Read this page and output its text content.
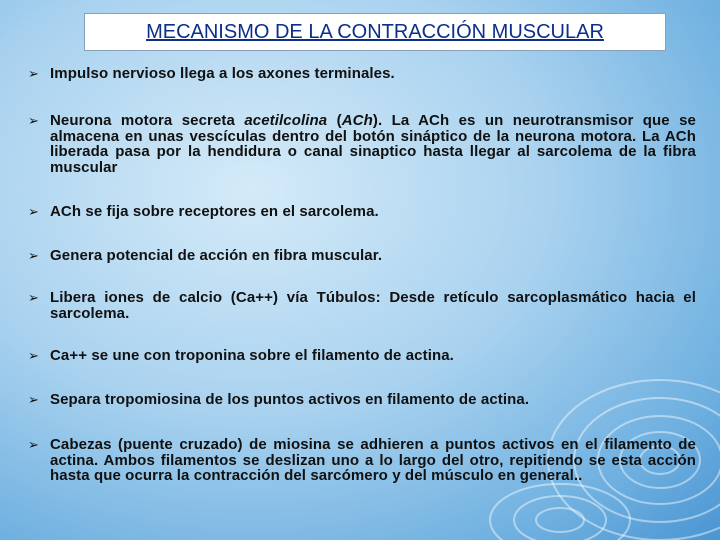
MECANISMO DE LA CONTRACCIÓN MUSCULAR
➢ Impulso nervioso llega a los axones terminales.
➢ Neurona motora secreta acetilcolina (ACh). La ACh es un neurotransmisor que se almacena en unas vescículas dentro del botón sináptico de la neurona motora. La ACh liberada pasa por la hendidura o canal sinaptico hasta llegar al sarcolema de la fibra muscular
➢ ACh se fija sobre receptores en el sarcolema.
➢ Genera potencial de acción en fibra muscular.
➢ Libera iones de calcio (Ca++) vía Túbulos: Desde retículo sarcoplasmático hacia el sarcolema.
➢ Ca++ se une con troponina sobre el filamento de actina.
➢ Separa tropomiosina de los puntos activos en filamento de actina.
➢ Cabezas (puente cruzado) de miosina se adhieren a puntos activos en el filamento de actina. Ambos filamentos se deslizan uno a lo largo del otro, repitiendo se esta acción hasta que ocurra la contracción del sarcómero y del músculo en general..
